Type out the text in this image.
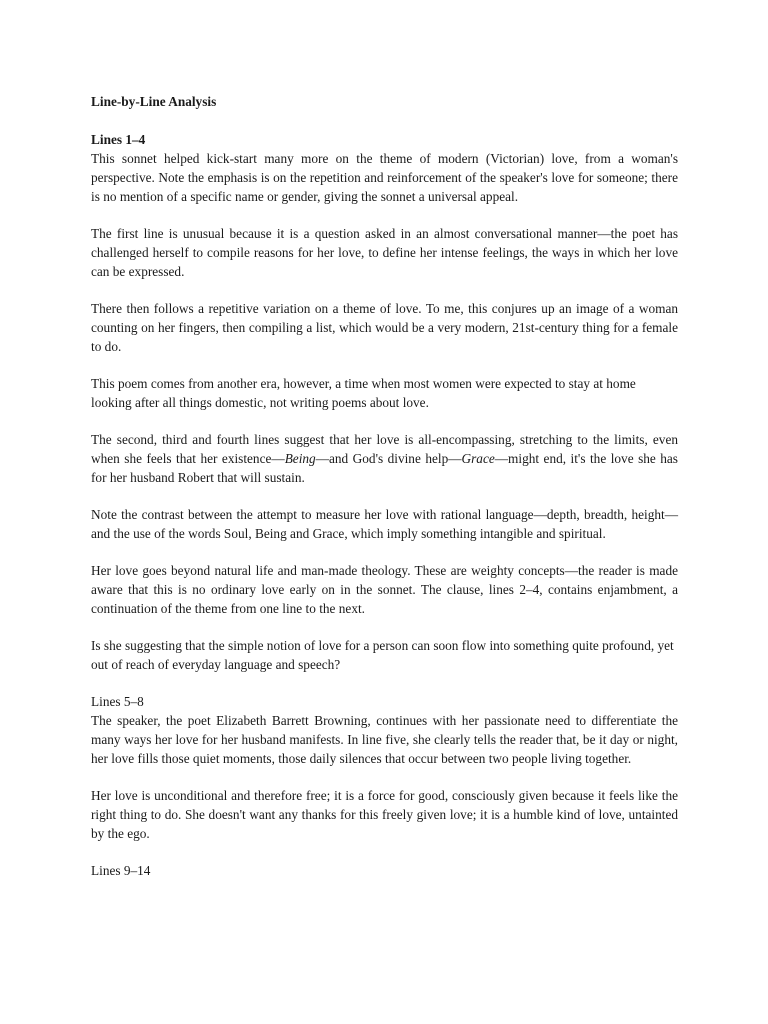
Line-by-Line Analysis
Lines 1–4

This sonnet helped kick-start many more on the theme of modern (Victorian) love, from a woman's perspective. Note the emphasis is on the repetition and reinforcement of the speaker's love for someone; there is no mention of a specific name or gender, giving the sonnet a universal appeal.

The first line is unusual because it is a question asked in an almost conversational manner—the poet has challenged herself to compile reasons for her love, to define her intense feelings, the ways in which her love can be expressed.

There then follows a repetitive variation on a theme of love. To me, this conjures up an image of a woman counting on her fingers, then compiling a list, which would be a very modern, 21st-century thing for a female to do.

This poem comes from another era, however, a time when most women were expected to stay at home looking after all things domestic, not writing poems about love.

The second, third and fourth lines suggest that her love is all-encompassing, stretching to the limits, even when she feels that her existence—Being—and God's divine help—Grace—might end, it's the love she has for her husband Robert that will sustain.

Note the contrast between the attempt to measure her love with rational language—depth, breadth, height—and the use of the words Soul, Being and Grace, which imply something intangible and spiritual.

Her love goes beyond natural life and man-made theology. These are weighty concepts—the reader is made aware that this is no ordinary love early on in the sonnet. The clause, lines 2–4, contains enjambment, a continuation of the theme from one line to the next.

Is she suggesting that the simple notion of love for a person can soon flow into something quite profound, yet out of reach of everyday language and speech?

Lines 5–8

The speaker, the poet Elizabeth Barrett Browning, continues with her passionate need to differentiate the many ways her love for her husband manifests. In line five, she clearly tells the reader that, be it day or night, her love fills those quiet moments, those daily silences that occur between two people living together.

Her love is unconditional and therefore free; it is a force for good, consciously given because it feels like the right thing to do. She doesn't want any thanks for this freely given love; it is a humble kind of love, untainted by the ego.

Lines 9–14
